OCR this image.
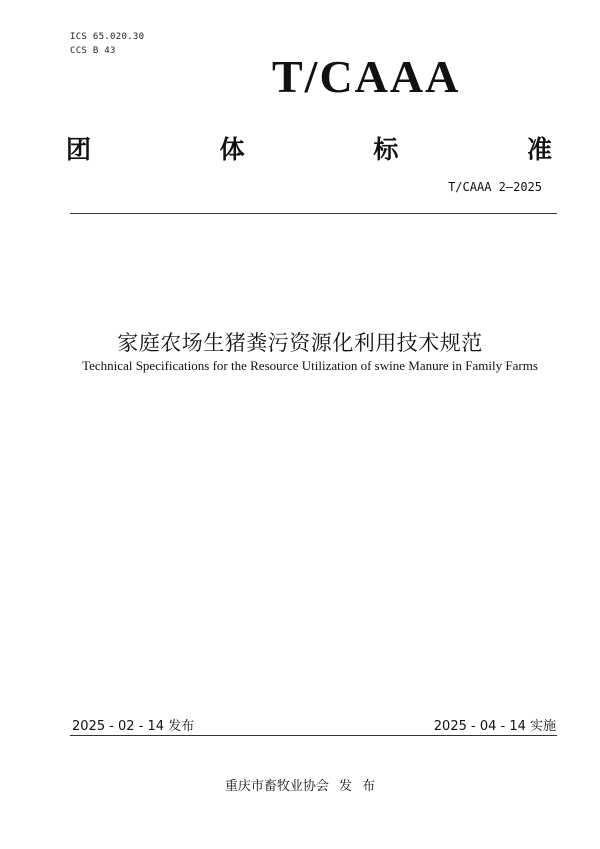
ICS 65.020.30
CCS B 43	T/CAAA
团	体	标	准
T/CAAA 2—2025
家庭农场生猪粪污资源化利用技术规范
Technical Specifications for the Resource Utilization of swine Manure in Family Farms
2025 - 02 - 14 发布	2025 - 04 - 14 实施
重庆市畜牧业协会 发 布
